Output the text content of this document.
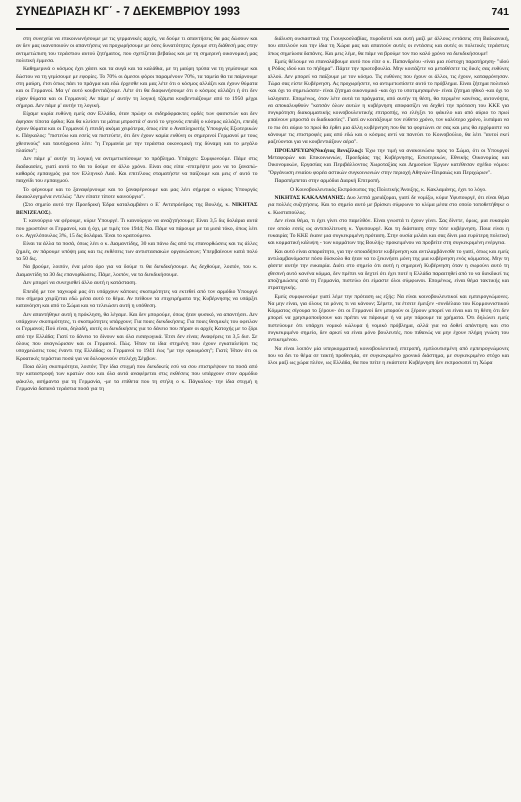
ΣΥΝΕΔΡΙΑΣΗ ΚΓ΄ - 7 ΔΕΚΕΜΒΡΙΟΥ 1993	741

στη συνεχεία να επικοινωνήσουμε με τις γερμανικές αρχές, να δούμε τι απαντήσεις θα μας δώσουν και αν δεν μας ικανοποιούν οι απαντήσεις να προχωρήσουμε με όσες δυνατότητες έχουμε στη διάθεσή μας στην αντιμετώπιση του τεράστιου αυτού ζητήματος, που σχετίζεται βεβαίως και με τη σημερινή οικονομική μας πολιτική έμμεσα.

Καθημερινά ο κόσμος έχει χάσει και τα αυγά και τα καλάθια, με τη μαύρη τρύπα να τη γεμίσουμε και δώστου να τη γεμίσουμε με εφορίες. Το 70% οι άμεσοι φόροι παραμένουν 70%, τα ταμεία θα τα παίρνουμε στη μαύρη, έτσι όπως πάει το πράγμα και εδώ έρχεσθε και μας λέτε ότι ο κόσμος αλλάζει και έχουν θύματα και οι Γερμανοί. Μα γι' αυτό κουβεντιάζουμε. Λέτε ότι θα διαφωνήσουμε ότι ο κόσμος αλλάζει ή ότι δεν είχαν θύματα και οι Γερμανοί; Αν πάμε μ' αυτήν τη λογική τζάμπα κουβεντιάζουμε από το 1950 μέχρι σήμερα. Δεν πάμε μ' αυτήν τη λογική.

Είχαμε κυρία ευθύνη εμείς σαν Ελλάδα, όταν πρώην οι σιδηρόφρακτες ορδές των φασιστών και δεν άφησαν τίποτα όρθιο; Και θα κλείσει τα μάτια μπροστά σ' αυτό το γεγονός επειδή ο κόσμος αλλάζει, επειδή έχουν θύματα και οι Γερμανοί ή επειδή ακόμα χειρότερα, όπως είπε ο Αναπληρωτής Υπουργός Εξωτερικών κ. Πάγκαλος: "πιστεύω και εσείς να πιστεύετε, ότι δεν έχουν καμία ευθύνη οι σημερινοί Γερμανοί με τους χθεσινούς" και ταυτόχρονα λέει: "η Γερμανία με την τεράστια οικονομική της δύναμη και το μεγάλο πλαίσιο";

Δεν πάμε μ' αυτήν τη λογική να αντιμετωπίσουμε το πρόβλημα. Υπάρχει: Συμφωνούμε. Πάμε στις διαδικασίες, γιατί αυτό το θα το δούμε σε άλλο χρόνο. Είναι σας είπα -επιτρέψτε μου να το ξαναπώ- καθαρός εμπαιγμός για τον Ελληνικό Λαό. Και επιτέλους σταματήστε να παίζουμε και μεις σ' αυτό το παιχνίδι του εμπαιγμού.

Το φέρνουμε και το ξαναφέρνουμε και το ξαναφέρνουμε και μας λέει σήμερα ο κύριος Υπουργός δικαιολογημένα εντελώς: "Δεν είπατε τίποτε καινούργιο".

(Στο σημείο αυτό την Προεδρική Έδρα καταλαμβάνει ο Ε΄ Αντιπρόεδρος της Βουλής, κ. ΝΙΚΗΤΑΣ ΒΕΝΙΖΕΛΟΣ).

Τ. κανούργιο να φέρουμε, κύριε Υπουργέ. Τι καινούργιο να αναζητήσουμε; Είναι 3,5 δις δολάρια αυτά που χρωστάνε οι Γερμανοί, και ή όχι, με τιμές του 1944; Να. Πάμε να πάρουμε με τα μισά τόκο, όπως λέει ο κ. Αγγελόπουλος 3%, 15 δις δολάρια. Έναι το κρατούμενο.

Είναι τα άλλα τα ποσά, όπως λέει ο κ. Διαμαντίδης, 30 και πάνω δις από τις επανορθώσεις και τις άλλες ζημιές, αν πάρουμε υπόψη μας και τις εκθέσεις των αντιστασιακών οργανώσεων; Υπερβαίνουν κατά πολύ τα 50 δις.

Να βρούμε, λοιπόν, ένα μέσο όρο για να δούμε τι θα διεκδικήσουμε. Ας δεχθούμε, λοιπόν, του κ. Διαμαντίδη τα 30 δις επανορθώσεις. Πάμε, λοιπόν, να τα διεκδικήσουμε.

Δεν μπορεί να συνεχισθεί άλλο αυτή η κατάσταση.

Επειδή με τον ταχνωρά μας ότι υπάρχουν κάποιες σκοπιμότητες να εκτεθεί από τον αρμόδιο Υπουργό που σήμερα χειρίζεται εδώ μέσα αυτό το θέμα. Αν πείθουν τα επιχειρήματα της Κυβέρνησης να υπάρξει κατανόηση και από το Σώμα και να τελειώσει αυτή η υπόθεση.

Δεν απαντήθηκε αυτή η πρόκληση, θα λέγαμε. Και δεν μπορούμε, όπως ήταν φυσικό, να απαντήσει. Δεν υπάρχουν σκοπιμότητες, τι σκοπιμότητες υπάρχουν; Για ποιες διεκδικήσεις; Για ποιες θεσμικές του οφειλαν οι Γερμανοί; Πού είναι, δηλαδή, αυτές οι διεκδικήσεις για το δάνειο που πήραν οι αρχές Κατοχής με το ζόρι από την Ελλάδα; Γιατί το δάνειο το δίνουν και όλα εισαγωγικά. Έτσι δεν είναι; Αναφέρεις τα 3,5 δισ. Σε όλους που αναγνώρισαν και οι Γερμανοί. Πώς. Ήταν τα ίδια στημένη που έχουν εγκαταλείψει τις υποχρεώσεις τους έναντι της Ελλάδας; οι Γερμανοί το 1941 έως "με την ορκωμόση"; Γιατί; Ήταν ότι οι Κροατικές τεράστια ποσά για να δολοφονούν στελέχη Σέρβων.

Ποια άλλη σκοπιμότητα, λοιπόν; Την ίδια στιγμή που διεκδικείς εσύ να σου επιστρέψουν τα ποσά από την καταστροφή των κρατών σου και όλα αυτά αναφέρεται στις εκθέσεις που υπάρχουν στον αρμόδιο φάκελο, ασήμαντα για τη Γερμανία, -με τα επίθετα που τη στήλη ο κ. Πάγκαλος- την ίδια στιγμή η Γερμανία δαπανά τεράστια ποσά για τη

διάλυση ουσιαστικά της Γιουγκοσλαβίας, πυροδοτεί και αυτή μαζί με άλλους εντάσεις στη Βαλκανική, που απειλούν και την ίδια τη Χώρα μας και απαιτούν αυτές οι εντάσεις και αυτές οι πολιτικές τεράστιες όπως σημείωσα δαπάνες. Και μεις λέμε, θα πάμε να βρούμε τον πιο καλό χρόνο να διεκδικήσουμε!

Εμείς θέλουμε να επαναλάβουμε αυτό που είπε ο κ. Παπανδρέου -είναι μια εύστοχη παρατήρηση- "ιδού η Ρόδος ιδού και το πήδημα". Πάρτε την πρωτοβουλία. Μην κοιτάζετε να μεταθέσετε τις δικές σας ευθύνες αλλού. Δεν μπορεί να παίζουμε με τον κόσμο. Τις ευθύνες που έχουν οι άλλοι, τις έχουν, καταφρόνησαν. Τώρα σας είστε Κυβέρνηση. Ας προχωρήσετε, να αντιμετωπίσετε αυτό το πρόβλημα. Είναι ζήτημα πολιτικό -και όχι το σημειώσατε- είναι ζήτημα οικονομικό -και όχι το υποτιμησαμένο- είναι ζήτημα ηθικό -και όχι το λαλησατε. Επομένως, όταν λέτε αυτά τα πράγματα, από αυτήν τη θέση, θα περιμένε κανένας, αυτονόητα, να αποκαλυφθούν "κατσάν όλων αυτών η κυβέρνηση αποφασίζει να δεχθεί την πρόταση του ΚΚΕ για συγκρότηση διακομματικής κοινοβουλευτικής επιτροπής, να ελέγξει το φάκελο και από αύριο το πρωί μπαίνουν μπροστά οι διαδικασίες". Γιατί αν κοιτάξουμε τον εύθετο χρόνο, τον καλύτερο χρόνο, λυπάμαι να το πω ότι αύριο το πρωί θα έρθει μια άλλη κυβέρνηση που θα τα φορτώνει σε σας και μεις θα ερχόμαστε να κάνουμε τις επιστροφές μας από εδώ και ο κόσμος αντί να πανεύει το Κοινοβούλιο, θα λέει "αυτοί εκεί μαζεύονται για να κουβεντιάζουν αέρα".

ΠΡΟΕΔΡΕΥΩΝ(Νικήτας Βενιζέλος): Έχω την τιμή να ανακοινώσω προς το Σώμα, ότι οι Υπουργοί Μεταφορών και Επικοινωνιών, Προεδρίας της Κυβέρνησης, Εσωτερικών, Εθνικής Οικονομίας και Οικονομικών, Εργασίας και Περιβάλλοντος Χωροταξίας και Δημοσίων Έργων κατέθεσαν σχέδιο νόμου: "Οργάνωση ενιαίου φορέα αστικών συγκοινωνιών στην περιοχή Αθηνών-Πειραιώς και Περιχώρων".

Παραπέμπεται στην αρμόδια Διαρκή Επιτροπή.

Ο Κοινοβουλευτικός Εκπρόσωπος της Πολιτικής Άνοιξης, κ. Κακλαμάνης, έχει το λόγο.

ΝΙΚΗΤΑΣ ΚΑΚΛΑΜΑΝΗΣ: Δυο λεπτά χρειάζομαι, γιατί δε νομίζω, κύριε Υφυπουργέ, ότι είναι θέμα για πολλές συζητήσεις. Και το σημείο αυτό με βρίσκει σύμφωνο το κλίμα μέσα στο οποίο τοποθετήθηκε ο κ. Κωσταπούλος.

Δεν είναι θέμα, τι έχει γίνει στο παρελθόν. Είναι γνωστά τι έχουν γίνει. Σας δίνετε, όμως, μια ευκαιρία τον οποίο εσείς ως αντιπολίτευση κ. Υφυπουργέ. Και τη διάσταση στην τότε κυβέρνηση. Ποια είναι η ευκαιρία; Το ΚΚΕ έκανε μια συγκεκριμένη πρόταση. Στην ουσία μιλάει και σας δίνει μια ευρύτερη πολιτική και κομματική κάλυψη - των κομμάτων της Βουλής- προκειμένου να προβείτε στη συγκεκριμένη ενέργεια.

Και αυτό είναι απαραίτητο, για την οποιαδήποτε κυβέρνηση και αντιλαμβάνεσθε το γιατί, όπως και εμείς αντιλαμβανόμαστε πόσο δύσκολο θα ήταν να το ξεκινήσει μόνη της μια κυβέρνηση ενός κόμματος. Μην τη χάσετε αυτήν την ευκαιρία. Διότι στο σημείο ότι αυτή η σημερινή Κυβέρνηση όταν η σωρούνι αυτό τη χθεσινή αυτό κανένα κόμμα, δεν πρέπει να δεχτεί ότι έχει ποτέ η Ελλάδα παραιτηθεί από το να διεκδικεί τις αποζημιώσεις από τη Γερμανία, πιστεύω ότι είμαστε όλοι σύμφωνοι. Επομένως, είναι θέμα τακτικής και στρατηγικής.

Εμείς συμφωνούμε γιατί λέμε την πρόταση ως εξής: Να είναι κοινοβουλευτικοί και εμπειρογνώμονες. Να μην είναι, για όλους τα μόνες τι να κάνουν; Σέρετε, τα έτσιτε έμειξεν -συνδέλαιο του Κομμουνιστικού Κόμματος σίγουρα το ξέρουν- ότι οι Γερμανοί δεν μπορούν οι ξέρουν μπορεί να είναι και τη θέση ότι δεν μπορεί να χρησιμοποιήσουν και πρέπει να πάρουμε ή να μην πάρουμε τα χρήματα. Ότι δηλώνει εμείς πιστεύουμε ότι υπάρχει νομικό κώλυμα ή νομικό πρόβλημα, αλλά για να δοθεί απάντηση και στο συγκεκριμένο σημείο, δεν αρκεί να είναι μόνο βουλευτές, που πιθανώς να μην έχουν πλήρη γνώση του αντικειμένου.

Να είναι λοιπόν μία υπερκομματική κοινοβουλευτική επιτροπή, εμπλουτισμένη από εμπειρογνώμονες που να δει το θέμα σε τακτή προθεσμία, σε συγκεκριμένο χρονικό διάστημα, με συγκεκριμένο στόχο και όλοι μαζί ως χώρα πλέον, ως Ελλάδα, θα που πείτε η εκάστοτε Κυβέρνηση δεν εκπροσωπεί τη Χώρα
